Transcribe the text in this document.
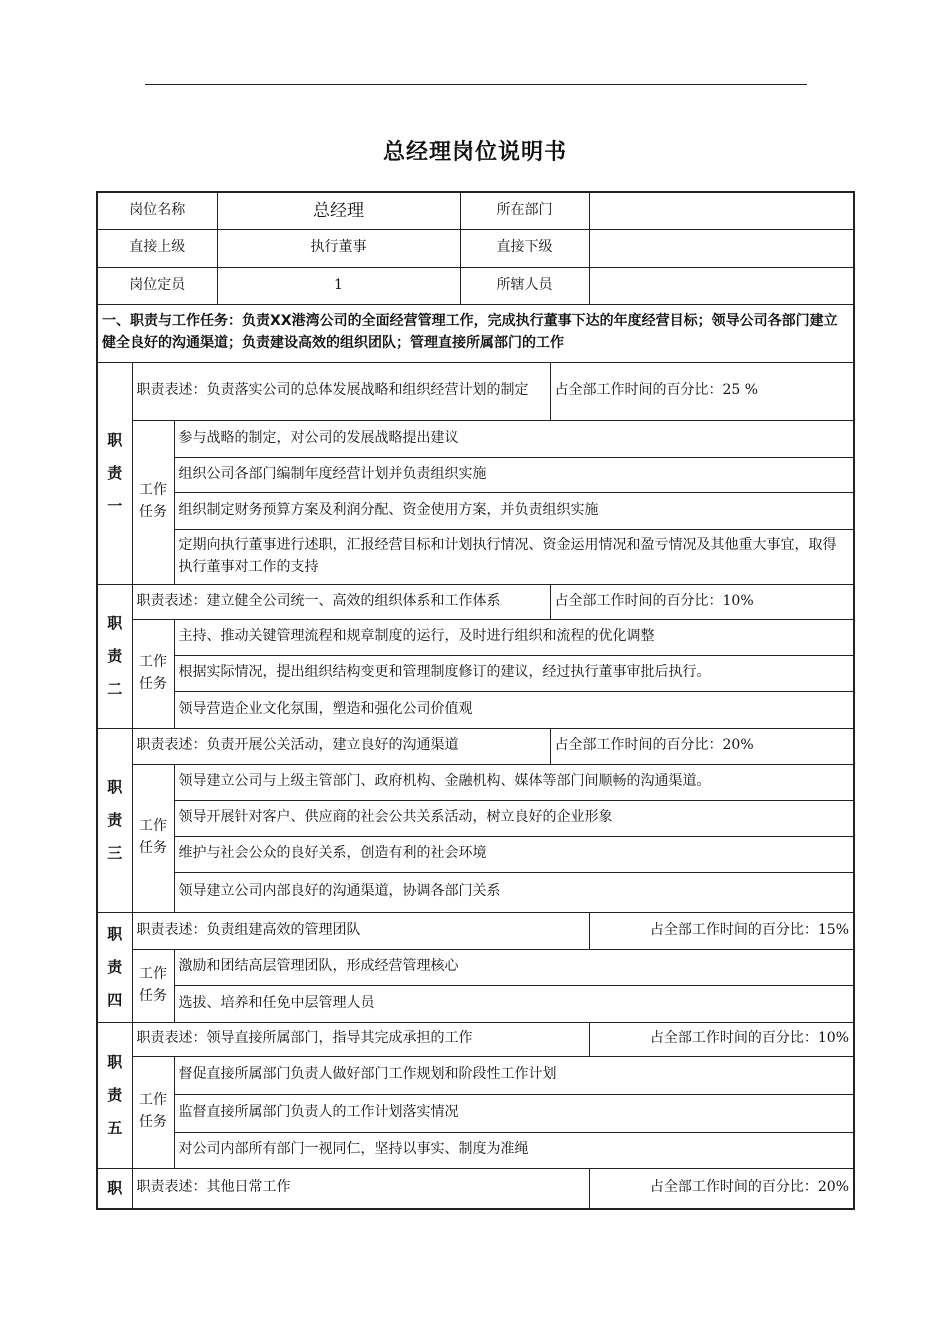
总经理岗位说明书
岗位名称			总经理	所在部门		
直接上级			执行董事	直接下级		
岗位定员			1	所辖人员		
一、职责与工作任务：负责XX港湾公司的全面经营管理工作，完成执行董事下达的年度经营目标；领导公司各部门建立健全良好的沟通渠道；负责建设高效的组织团队；管理直接所属部门的工作						

职
责
一	职责表述：负责落实公司的总体发展战略和组织经营计划的制定				占全部工作时间的百分比：25 %	

	工作
任务	参与战略的制定，对公司的发展战略提出建议				
		组织公司各部门编制年度经营计划并负责组织实施				
		组织制定财务预算方案及利润分配、资金使用方案，并负责组织实施				
		定期向执行董事进行述职，汇报经营目标和计划执行情况、资金运用情况和盈亏情况及其他重大事宜，取得执行董事对工作的支持				

职
责
二	职责表述：建立健全公司统一、高效的组织体系和工作体系				占全部工作时间的百分比：10%	

	工作
任务	主持、推动关键管理流程和规章制度的运行，及时进行组织和流程的优化调整				
		根据实际情况，提出组织结构变更和管理制度修订的建议，经过执行董事审批后执行。				
		领导营造企业文化氛围，塑造和强化公司价值观				

职
责
三	职责表述：负责开展公关活动，建立良好的沟通渠道				占全部工作时间的百分比：20%	

	工作
任务	领导建立公司与上级主管部门、政府机构、金融机构、媒体等部门间顺畅的沟通渠道。				
		领导开展针对客户、供应商的社会公共关系活动，树立良好的企业形象				
		维护与社会公众的良好关系，创造有利的社会环境				
		领导建立公司内部良好的沟通渠道，协调各部门关系				

职
责
四	职责表述：负责组建高效的管理团队					占全部工作时间的百分比：15%

	工作
任务	激励和团结高层管理团队，形成经营管理核心				
		选拔、培养和任免中层管理人员				

职
责
五	职责表述：领导直接所属部门，指导其完成承担的工作					占全部工作时间的百分比：10%

	工作
任务	督促直接所属部门负责人做好部门工作规划和阶段性工作计划				
		监督直接所属部门负责人的工作计划落实情况				
		对公司内部所有部门一视同仁，坚持以事实、制度为准绳				

职	职责表述：其他日常工作					占全部工作时间的百分比：20%
